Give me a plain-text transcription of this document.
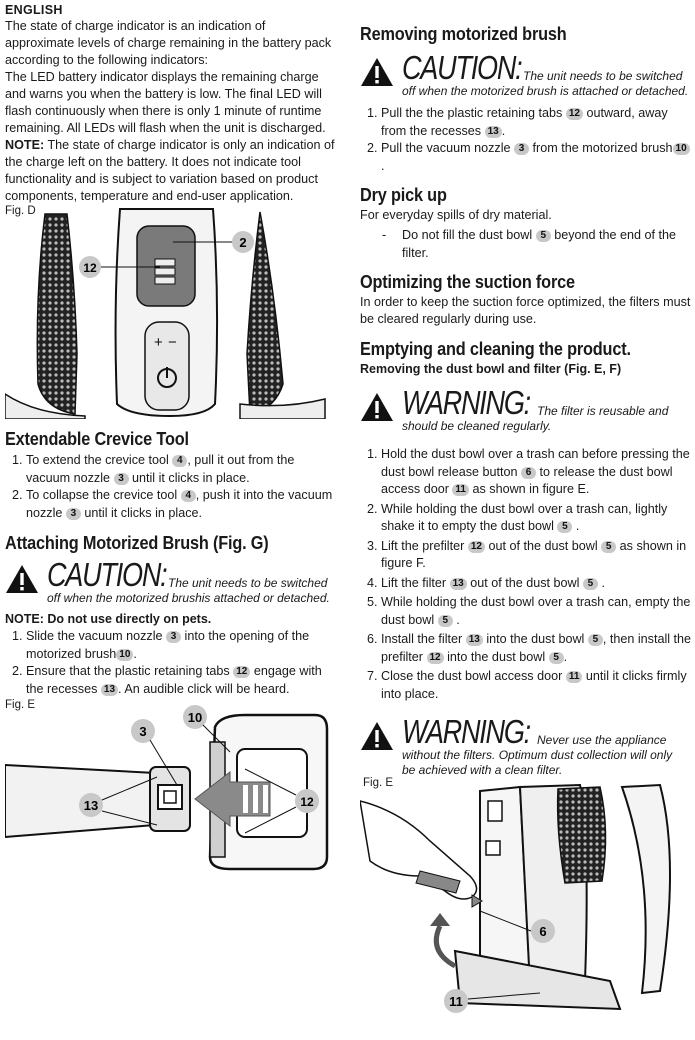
ENGLISH

The state of charge indicator is an indication of approximate levels of charge remaining in the battery pack according to the following indicators:

The LED battery indicator displays the remaining charge and warns you when the battery is low. The final LED will flash continuously when there is only 1 minute of runtime remaining. All LEDs will flash when the unit is discharged.

NOTE: The state of charge indicator is only an indication of the charge left on the battery. It does not indicate tool functionality and is subject to variation based on product components, temperature and end-user application.

Fig. D
+ −
2
12
Extendable Crevice Tool
1. To extend the crevice tool 4 , pull it out from the vacuum nozzle 3 until it clicks in place.
2. To collapse the crevice tool 4 , push it into the vacuum nozzle 3 until it clicks in place.
Attaching Motorized Brush (Fig. G)
CAUTION: The unit needs to be switched
off when the motorized brushis attached or detached.
NOTE: Do not use directly on pets.
1. Slide the vacuum nozzle 3 into the opening of the motorized brush 10 .
2. Ensure that the plastic retaining tabs 12 engage with the recesses 13 . An audible click will be heard.
Fig. E
10
3
13	12
Removing motorized brush
CAUTION: The unit needs to be switched
off when the motorized brush is attached or detached.
1. Pull the the plastic retaining tabs 12 outward, away from the recesses 13 .
2. Pull the vacuum nozzle 3 from the motorized brush 10.
Dry pick up

For everyday spills of dry material.

- Do not fill the dust bowl 5 beyond the end of the filter.
Optimizing the suction force

In order to keep the suction force optimized, the filters must be cleared regularly during use.

Emptying and cleaning the product.
Removing the dust bowl and filter (Fig. E, F)
WARNING: The filter is reusable and
should be cleaned regularly.
1. Hold the dust bowl over a trash can before pressing the dust bowl release button 6 to release the dust bowl access door 11 as shown in figure E.
2. While holding the dust bowl over a trash can, lightly shake it to empty the dust bowl 5 .
3. Lift the prefilter 12 out of the dust bowl 5 as shown in figure F.
4. Lift the filter 13 out of the dust bowl 5 .
5. While holding the dust bowl over a trash can, empty the dust bowl 5 .
6. Install the filter 13 into the dust bowl 5 , then install the prefilter 12 into the dust bowl 5 .
7. Close the dust bowl access door 11 until it clicks firmly into place.
WARNING: Never use the appliance
without the filters. Optimum dust collection will only
be achieved with a clean filter.
Fig. E
6
11
